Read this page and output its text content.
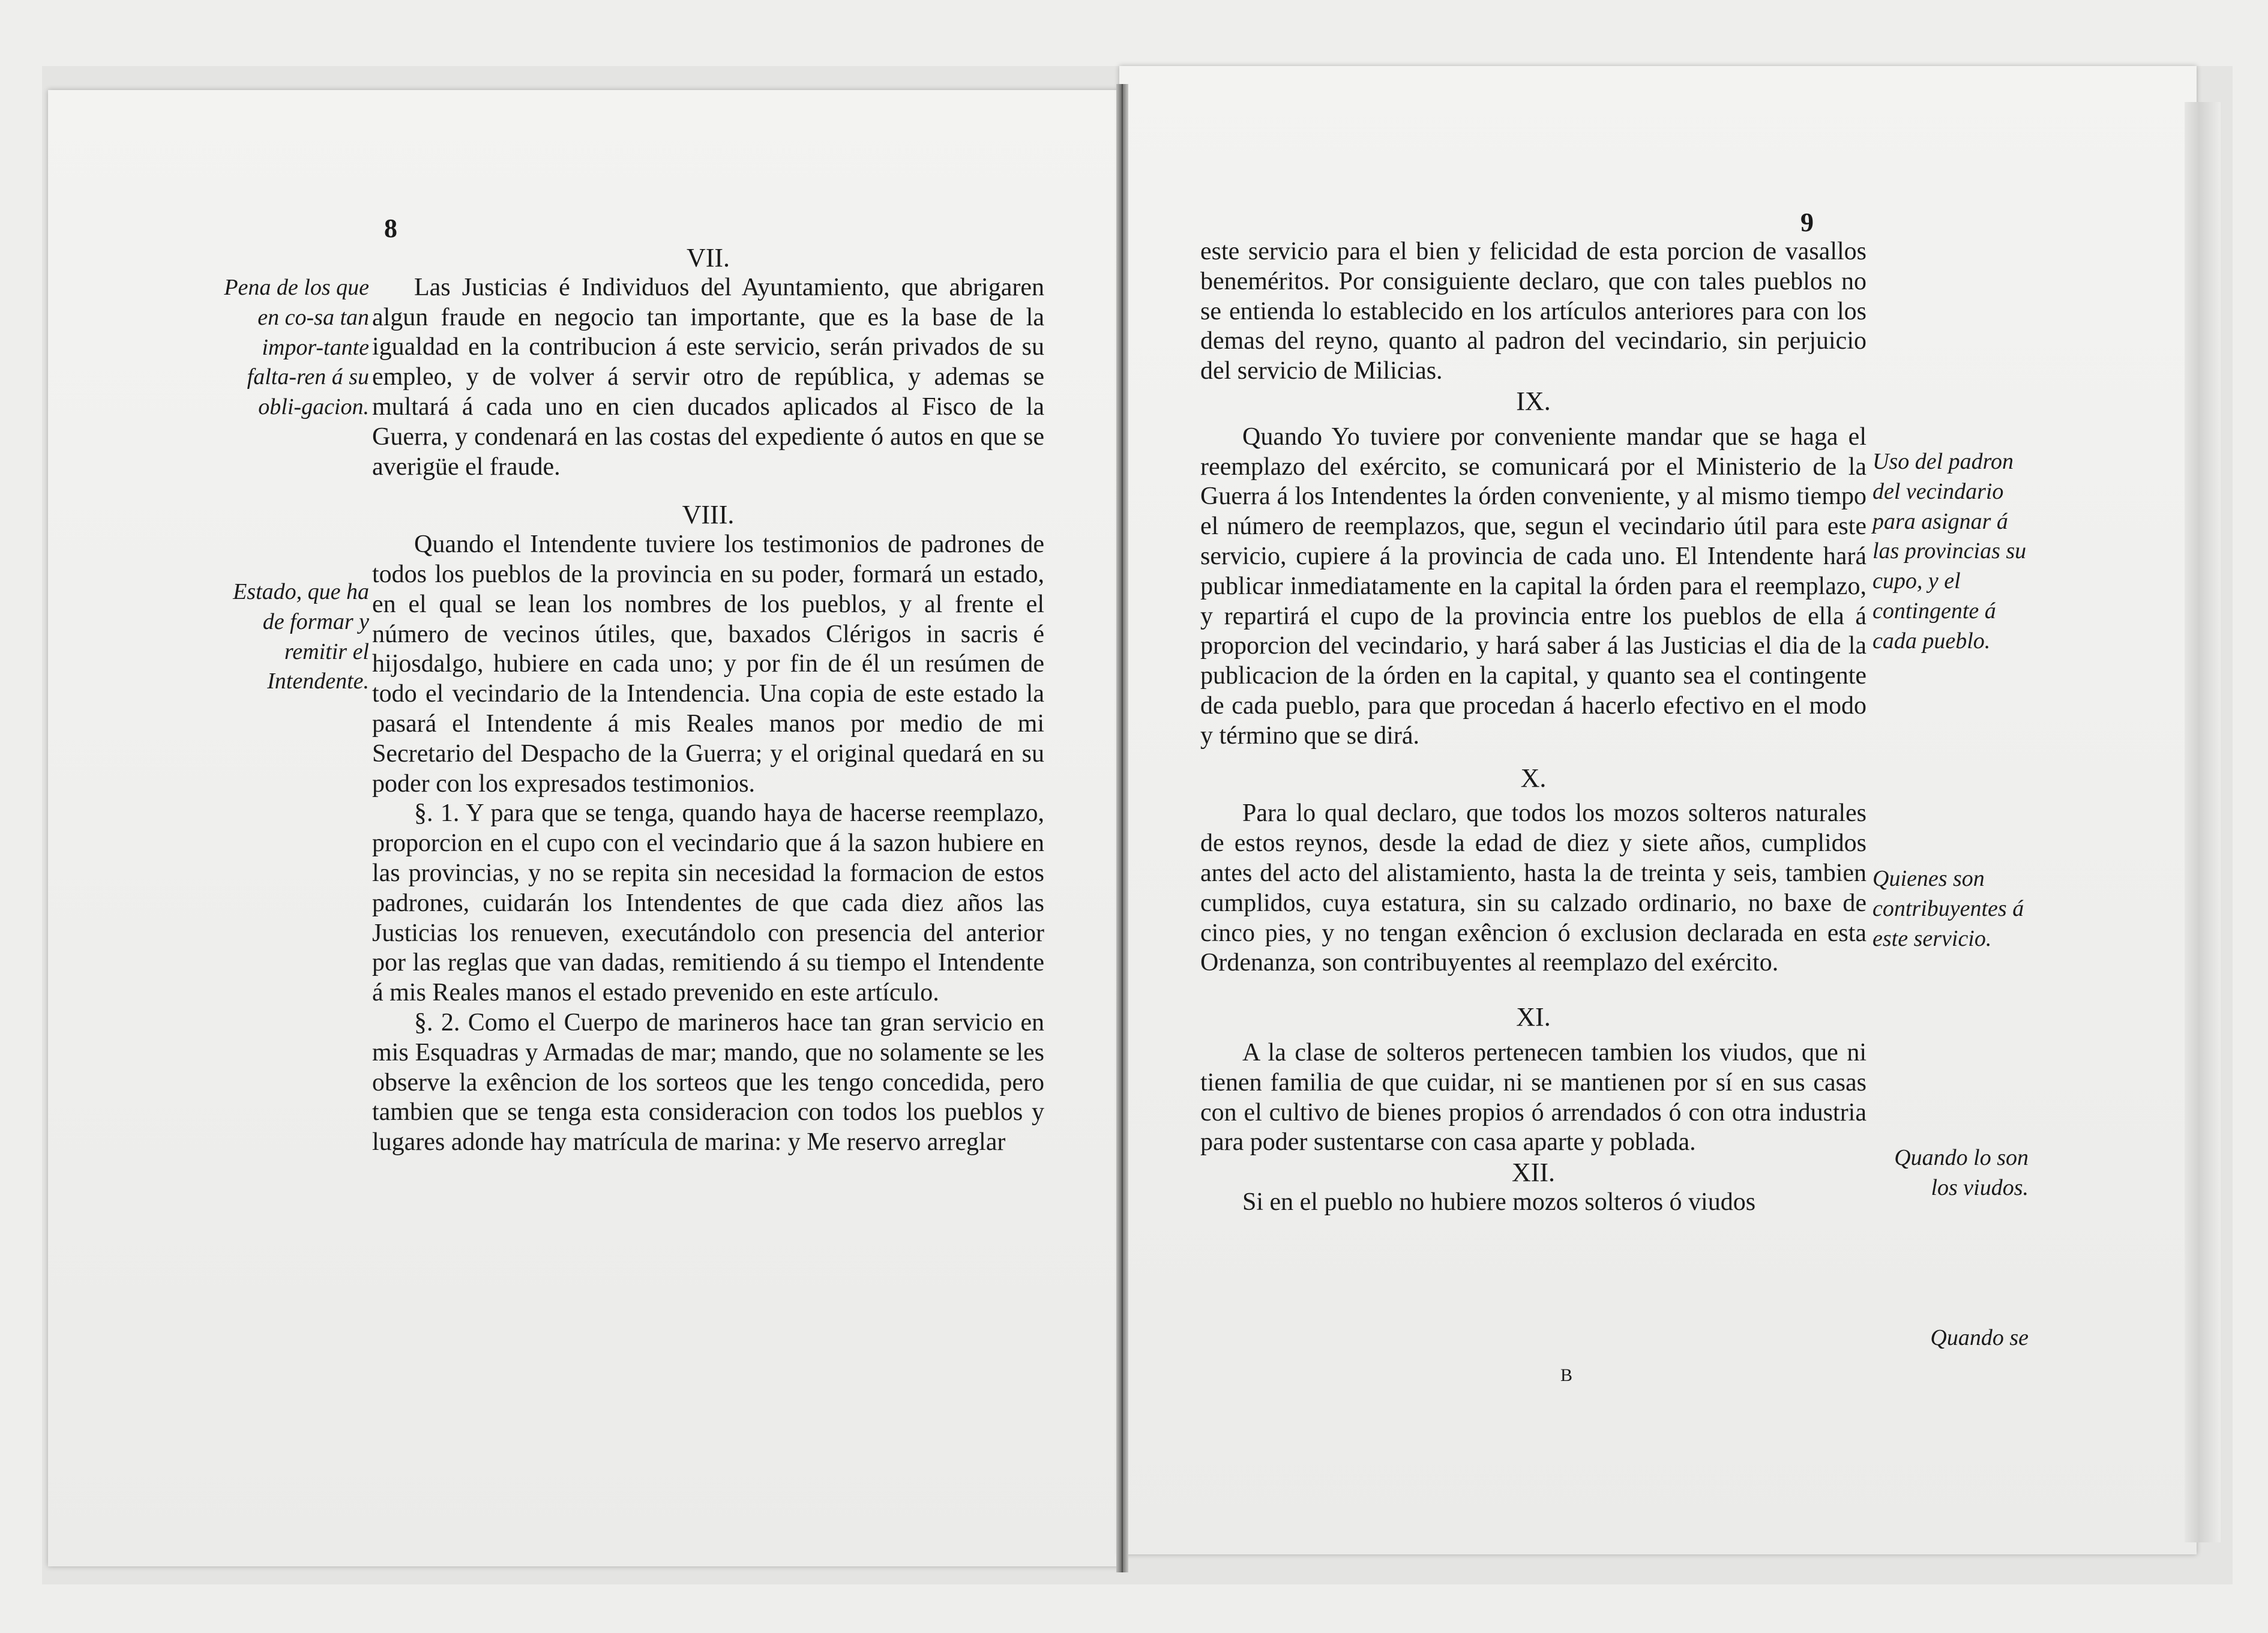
8
Pena de los que en co-sa tan impor-tante falta-ren á su obli-gacion.
Estado, que ha de formar y remitir el Intendente.

VII.

Las Justicias é Individuos del Ayuntamiento, que abrigaren algun fraude en negocio tan importante, que es la base de la igualdad en la contribucion á este servicio, serán privados de su empleo, y de volver á servir otro de república, y ademas se multará á cada uno en cien ducados aplicados al Fisco de la Guerra, y condenará en las costas del expediente ó autos en que se averigüe el fraude.

VIII.

Quando el Intendente tuviere los testimonios de padrones de todos los pueblos de la provincia en su poder, formará un estado, en el qual se lean los nombres de los pueblos, y al frente el número de vecinos útiles, que, baxados Clérigos in sacris é hijosdalgo, hubiere en cada uno; y por fin de él un resúmen de todo el vecindario de la Intendencia. Una copia de este estado la pasará el Intendente á mis Reales manos por medio de mi Secretario del Despacho de la Guerra; y el original quedará en su poder con los expresados testimonios.

§. 1. Y para que se tenga, quando haya de hacerse reemplazo, proporcion en el cupo con el vecindario que á la sazon hubiere en las provincias, y no se repita sin necesidad la formacion de estos padrones, cuidarán los Intendentes de que cada diez años las Justicias los renueven, executándolo con presencia del anterior por las reglas que van dadas, remitiendo á su tiempo el Intendente á mis Reales manos el estado prevenido en este artículo.

§. 2. Como el Cuerpo de marineros hace tan gran servicio en mis Esquadras y Armadas de mar; mando, que no solamente se les observe la exêncion de los sorteos que les tengo concedida, pero tambien que se tenga esta consideracion con todos los pueblos y lugares adonde hay matrícula de marina: y Me reservo arreglar

9

este servicio para el bien y felicidad de esta porcion de vasallos beneméritos. Por consiguiente declaro, que con tales pueblos no se entienda lo establecido en los artículos anteriores para con los demas del reyno, quanto al padron del vecindario, sin perjuicio del servicio de Milicias.

IX.

Quando Yo tuviere por conveniente mandar que se haga el reemplazo del exército, se comunicará por el Ministerio de la Guerra á los Intendentes la órden conveniente, y al mismo tiempo el número de reemplazos, que, segun el vecindario útil para este servicio, cupiere á la provincia de cada uno. El Intendente hará publicar inmediatamente en la capital la órden para el reemplazo, y repartirá el cupo de la provincia entre los pueblos de ella á proporcion del vecindario, y hará saber á las Justicias el dia de la publicacion de la órden en la capital, y quanto sea el contingente de cada pueblo, para que procedan á hacerlo efectivo en el modo y término que se dirá.

X.

Para lo qual declaro, que todos los mozos solteros naturales de estos reynos, desde la edad de diez y siete años, cumplidos antes del acto del alistamiento, hasta la de treinta y seis, tambien cumplidos, cuya estatura, sin su calzado ordinario, no baxe de cinco pies, y no tengan exêncion ó exclusion declarada en esta Ordenanza, son contribuyentes al reemplazo del exército.

XI.

A la clase de solteros pertenecen tambien los viudos, que ni tienen familia de que cuidar, ni se mantienen por sí en sus casas con el cultivo de bienes propios ó arrendados ó con otra industria para poder sustentarse con casa aparte y poblada.

XII.

Si en el pueblo no hubiere mozos solteros ó viudos

Uso del padron del vecindario para asignar á las provincias su cupo, y el contingente á cada pueblo.
Quienes son contribuyentes á este servicio.
Quando lo son los viudos.
Quando se
B
